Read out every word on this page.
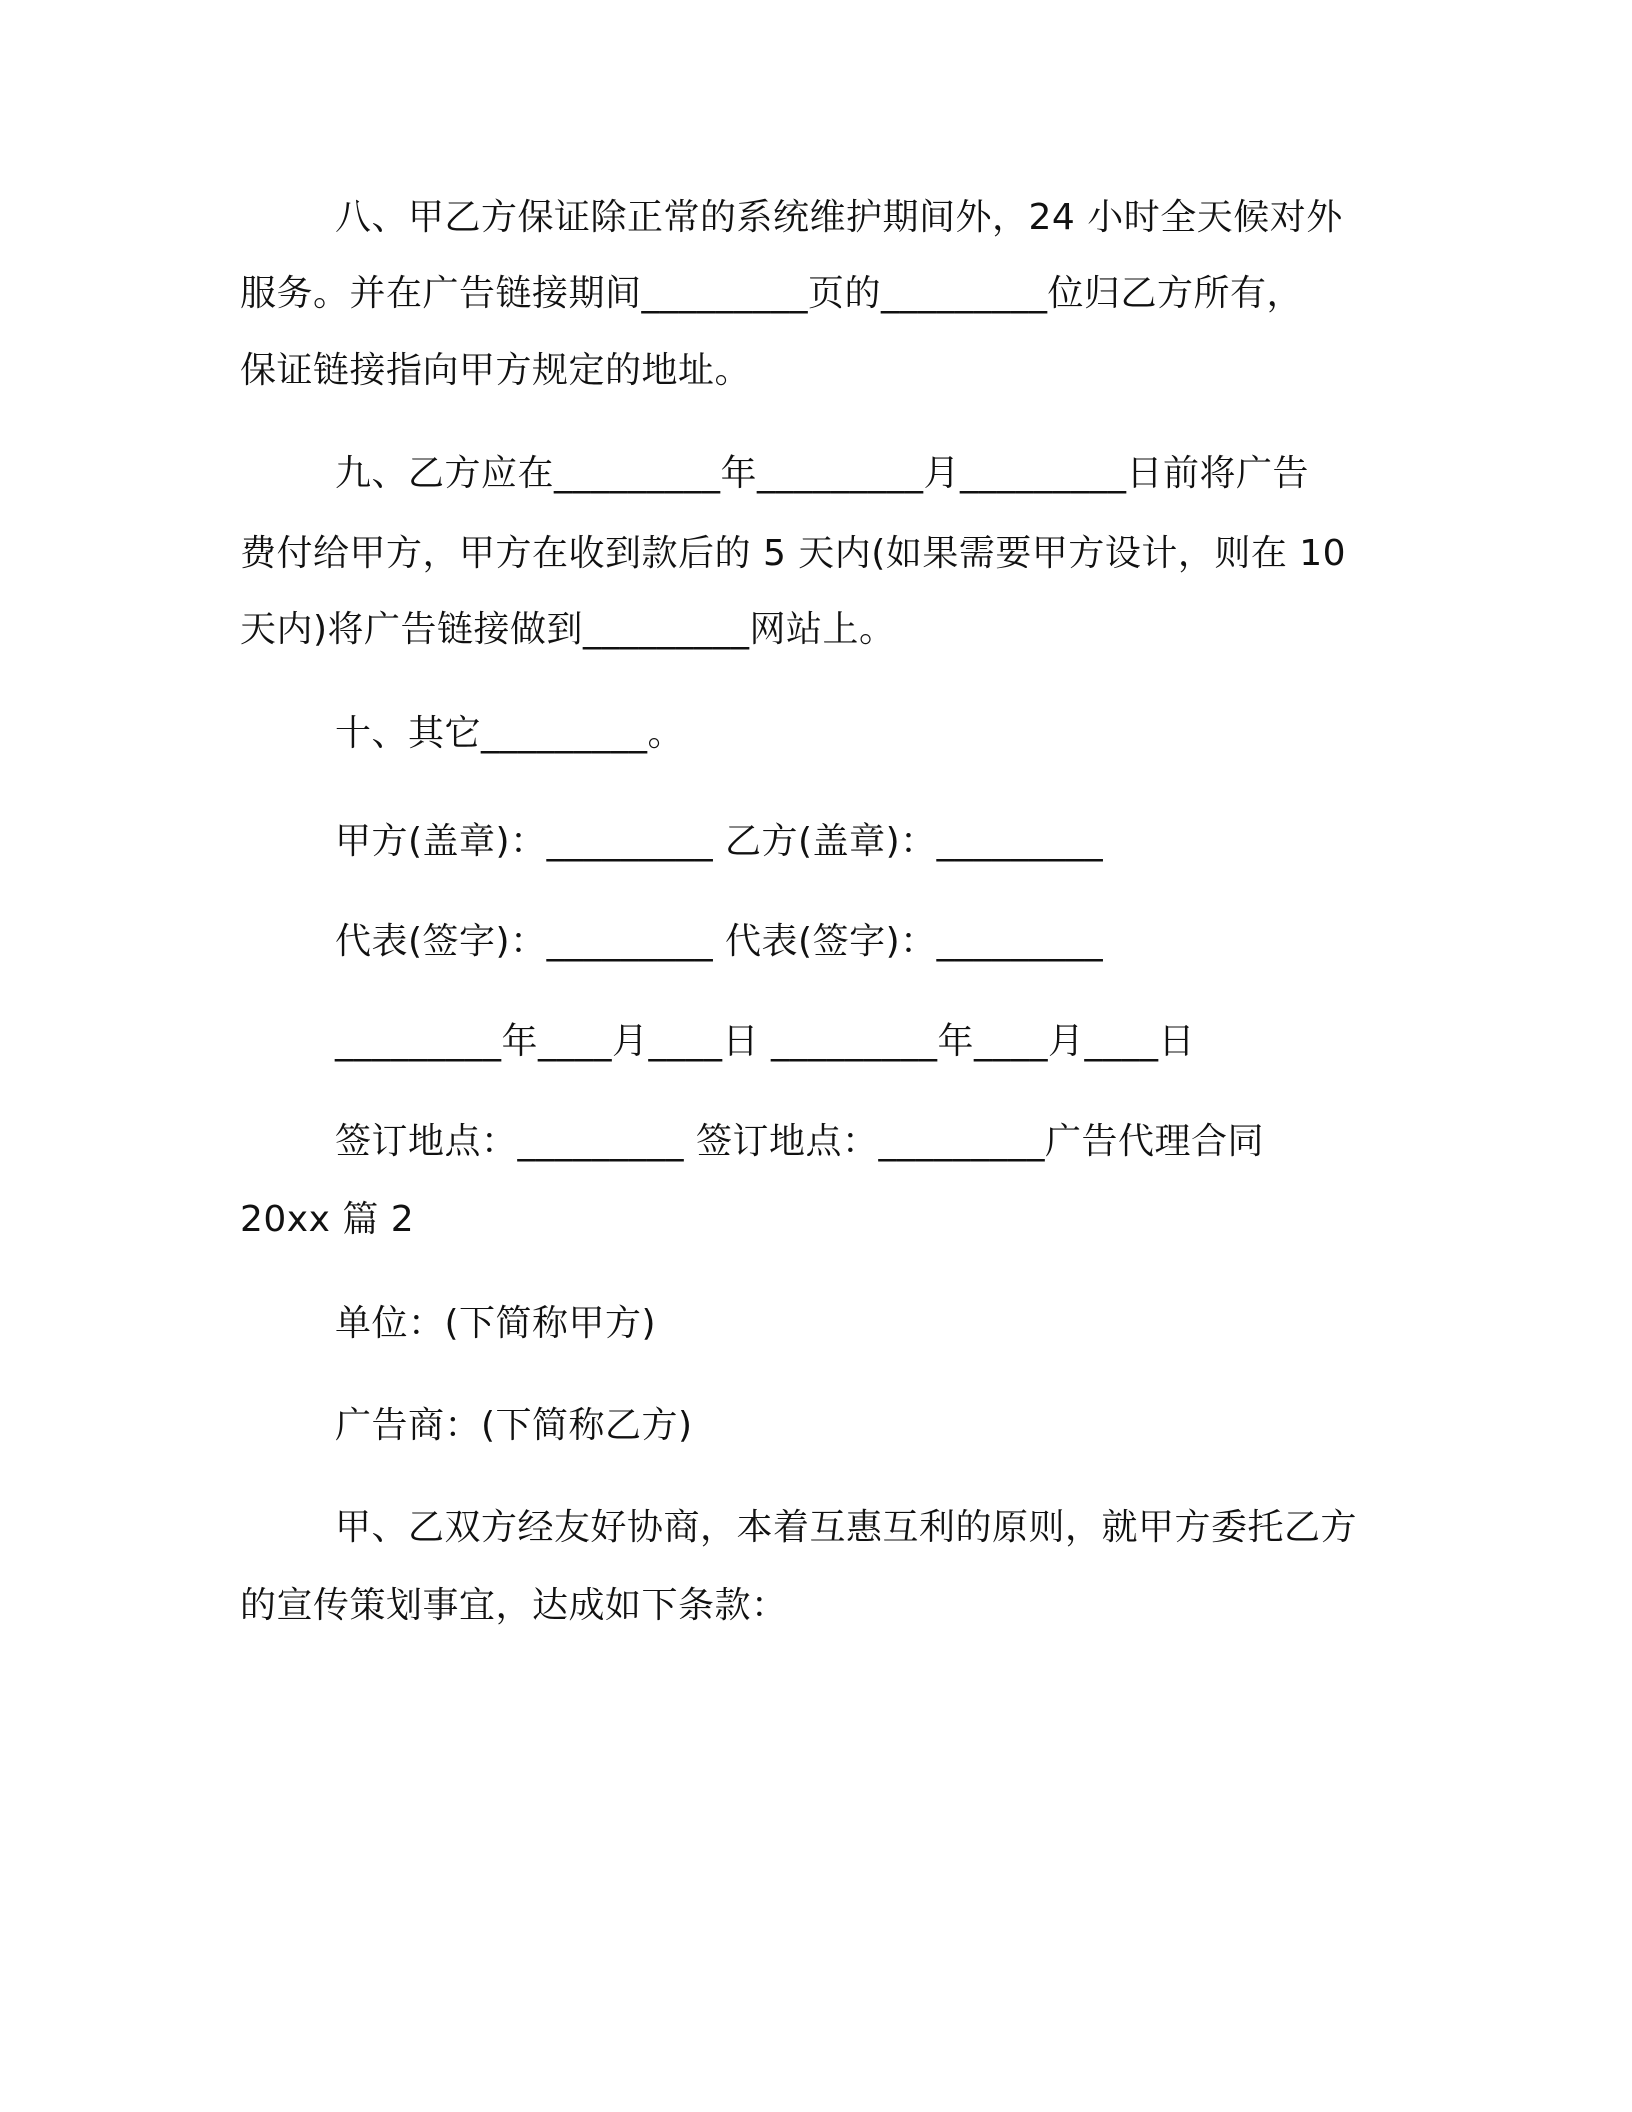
八、甲乙方保证除正常的系统维护期间外，24 小时全天候对外
服务。并在广告链接期间_________页的_________位归乙方所有，
保证链接指向甲方规定的地址。
九、乙方应在_________年_________月_________日前将广告
费付给甲方，甲方在收到款后的 5 天内(如果需要甲方设计，则在 10
天内)将广告链接做到_________网站上。
十、其它_________。
甲方(盖章)：_________ 乙方(盖章)：_________
代表(签字)：_________ 代表(签字)：_________
_________年____月____日 _________年____月____日
签订地点：_________ 签订地点：_________广告代理合同
20xx 篇 2
单位：(下简称甲方)
广告商：(下简称乙方)
甲、乙双方经友好协商，本着互惠互利的原则，就甲方委托乙方
的宣传策划事宜，达成如下条款：
